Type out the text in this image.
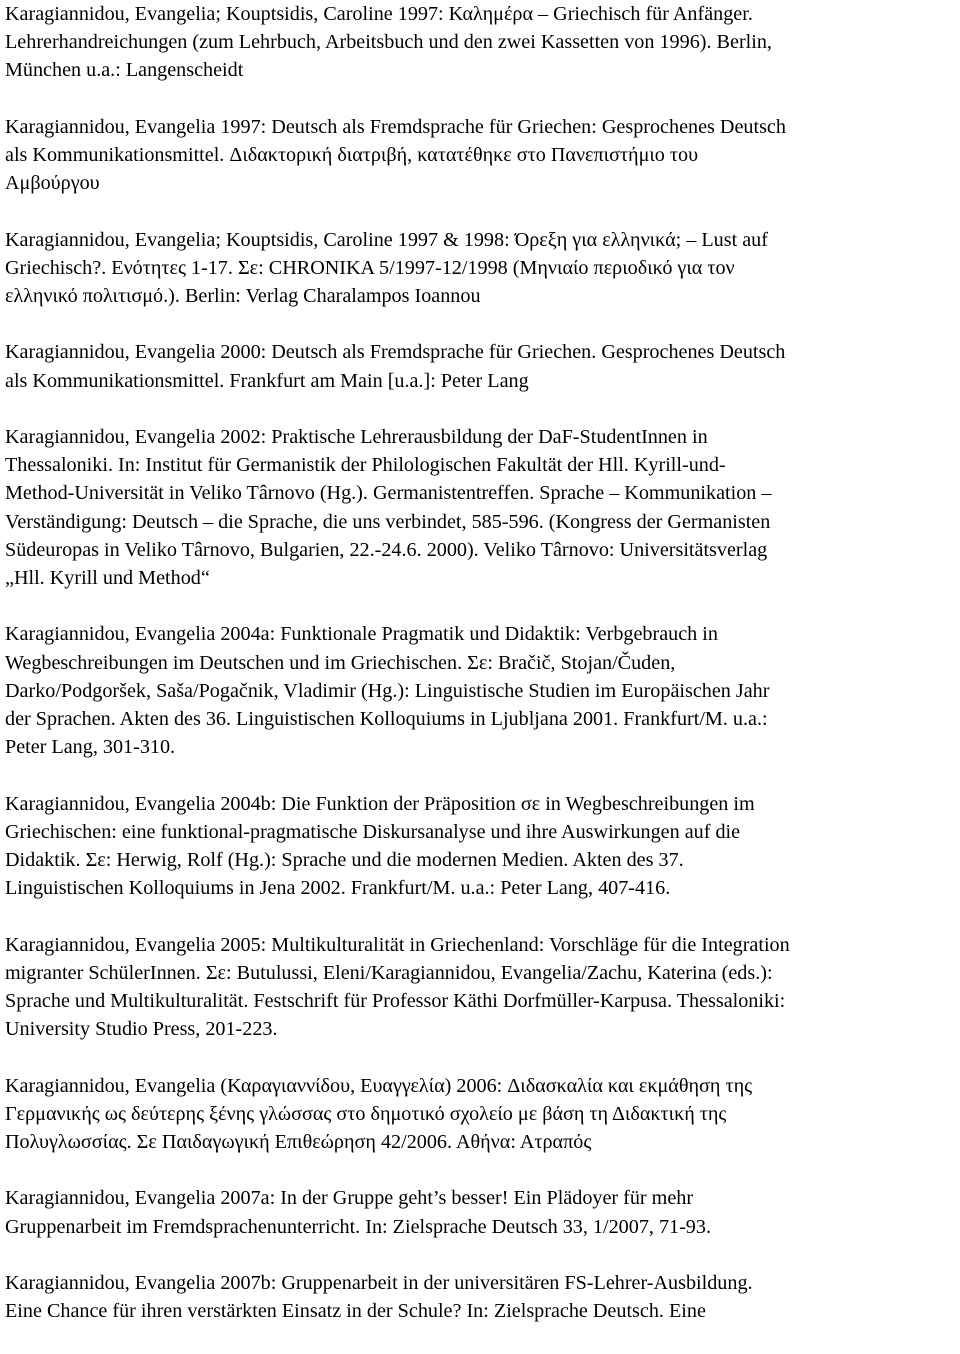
Karagiannidou, Evangelia; Kouptsidis, Caroline 1997: Καλημέρα – Griechisch für Anfänger.
Lehrerhandreichungen (zum Lehrbuch, Arbeitsbuch und den zwei Kassetten von 1996). Berlin,
München u.a.: Langenscheidt
Karagiannidou, Evangelia 1997: Deutsch als Fremdsprache für Griechen: Gesprochenes Deutsch
als Kommunikationsmittel. Διδακτορική διατριβή, κατατέθηκε στο Πανεπιστήμιο του
Αμβούργου
Karagiannidou, Evangelia; Kouptsidis, Caroline 1997 & 1998: Όρεξη για ελληνικά; – Lust auf
Griechisch?. Ενότητες 1-17. Σε: CHRONIKA 5/1997-12/1998 (Μηνιαίο περιοδικό για τον
ελληνικό πολιτισμό.). Berlin: Verlag Charalampos Ioannou
Karagiannidou, Evangelia 2000: Deutsch als Fremdsprache für Griechen. Gesprochenes Deutsch
als Kommunikationsmittel. Frankfurt am Main [u.a.]: Peter Lang
Karagiannidou, Evangelia 2002: Praktische Lehrerausbildung der DaF-StudentInnen in
Thessaloniki. In: Institut für Germanistik der Philologischen Fakultät der Hll. Kyrill-und-
Method-Universität in Veliko Târnovo (Hg.). Germanistentreffen. Sprache – Kommunikation –
Verständigung: Deutsch – die Sprache, die uns verbindet, 585-596. (Kongress der Germanisten
Südeuropas in Veliko Târnovo, Bulgarien, 22.-24.6. 2000). Veliko Târnovo: Universitätsverlag
„Hll. Kyrill und Method“
Karagiannidou, Evangelia 2004a: Funktionale Pragmatik und Didaktik: Verbgebrauch in
Wegbeschreibungen im Deutschen und im Griechischen. Σε: Bračič, Stojan/Čuden,
Darko/Podgoršek, Saša/Pogačnik, Vladimir (Hg.): Linguistische Studien im Europäischen Jahr
der Sprachen. Akten des 36. Linguistischen Kolloquiums in Ljubljana 2001. Frankfurt/M. u.a.:
Peter Lang, 301-310.
Karagiannidou, Evangelia 2004b: Die Funktion der Präposition σε in Wegbeschreibungen im
Griechischen: eine funktional-pragmatische Diskursanalyse und ihre Auswirkungen auf die
Didaktik. Σε: Herwig, Rolf (Hg.): Sprache und die modernen Medien. Akten des 37.
Linguistischen Kolloquiums in Jena 2002. Frankfurt/M. u.a.: Peter Lang, 407-416.
Karagiannidou, Evangelia 2005: Multikulturalität in Griechenland: Vorschläge für die Integration
migranter SchülerInnen. Σε: Butulussi, Eleni/Karagiannidou, Evangelia/Zachu, Katerina (eds.):
Sprache und Multikulturalität. Festschrift für Professor Käthi Dorfmüller-Karpusa. Thessaloniki:
University Studio Press, 201-223.
Karagiannidou, Evangelia (Καραγιαννίδου, Ευαγγελία) 2006: Διδασκαλία και εκμάθηση της
Γερμανικής ως δεύτερης ξένης γλώσσας στο δημοτικό σχολείο με βάση τη Διδακτική της
Πολυγλωσσίας. Σε Παιδαγωγική Επιθεώρηση 42/2006. Αθήνα: Ατραπός
Karagiannidou, Evangelia 2007a: In der Gruppe geht’s besser! Ein Plädoyer für mehr
Gruppenarbeit im Fremdsprachenunterricht. In: Zielsprache Deutsch 33, 1/2007, 71-93.
Karagiannidou, Evangelia 2007b: Gruppenarbeit in der universitären FS-Lehrer-Ausbildung.
Eine Chance für ihren verstärkten Einsatz in der Schule? In: Zielsprache Deutsch. Eine
